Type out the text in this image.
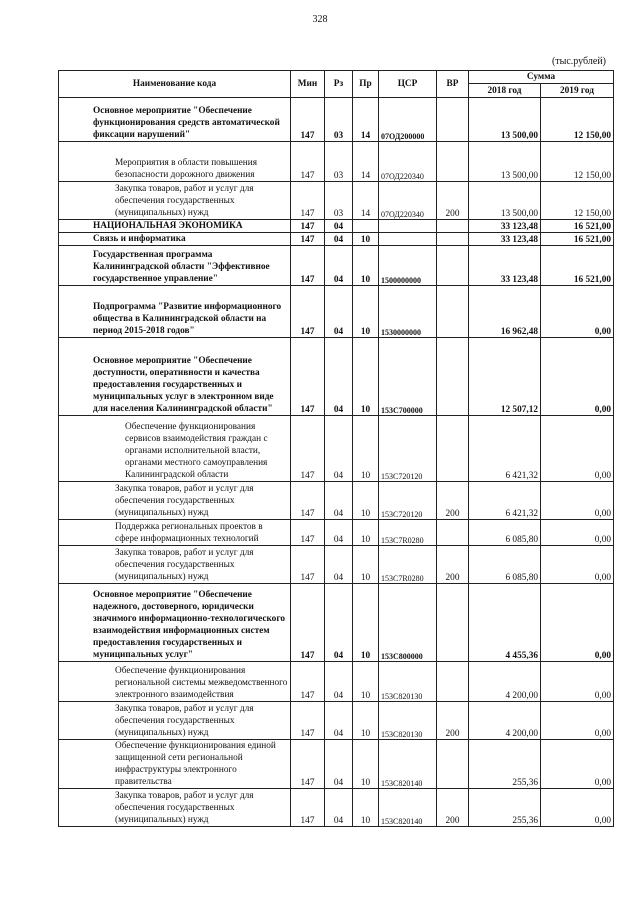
328
(тыс.рублей)
Наименование кода	Мин	Рз	Пр	ЦСР	ВР	Сумма	
						2018 год	2019 год
Основное мероприятие "Обеспечение функционирования средств автоматической фиксации нарушений"	147	03	14	07ОД200000		13 500,00	12 150,00
Мероприятия в области повышения безопасности дорожного движения	147	03	14	07ОД220340		13 500,00	12 150,00
Закупка товаров, работ и услуг для обеспечения государственных (муниципальных) нужд	147	03	14	07ОД220340	200	13 500,00	12 150,00
НАЦИОНАЛЬНАЯ ЭКОНОМИКА	147	04				33 123,48	16 521,00
Связь и информатика	147	04	10			33 123,48	16 521,00
Государственная программа Калининградской области "Эффективное государственное управление"	147	04	10	1500000000		33 123,48	16 521,00
Подпрограмма "Развитие информационного общества в Калининградской области на период 2015-2018 годов"	147	04	10	1530000000		16 962,48	0,00
Основное мероприятие "Обеспечение доступности, оперативности и качества предоставления государственных и муниципальных услуг в электронном виде для населения Калининградской области"	147	04	10	153С700000		12 507,12	0,00
Обеспечение функционирования сервисов взаимодействия граждан с органами исполнительной власти, органами местного самоуправления Калининградской области	147	04	10	153С720120		6 421,32	0,00
Закупка товаров, работ и услуг для обеспечения государственных (муниципальных) нужд	147	04	10	153С720120	200	6 421,32	0,00
Поддержка региональных проектов в сфере информационных технологий	147	04	10	153С7R0280		6 085,80	0,00
Закупка товаров, работ и услуг для обеспечения государственных (муниципальных) нужд	147	04	10	153С7R0280	200	6 085,80	0,00
Основное мероприятие "Обеспечение надежного, достоверного, юридически значимого информационно-технологического взаимодействия информационных систем предоставления государственных и муниципальных услуг"	147	04	10	153С800000		4 455,36	0,00
Обеспечение функционирования региональной системы межведомственного электронного взаимодействия	147	04	10	153С820130		4 200,00	0,00
Закупка товаров, работ и услуг для обеспечения государственных (муниципальных) нужд	147	04	10	153С820130	200	4 200,00	0,00
Обеспечение функционирования единой защищенной сети региональной инфраструктуры электронного правительства	147	04	10	153С820140		255,36	0,00
Закупка товаров, работ и услуг для обеспечения государственных (муниципальных) нужд	147	04	10	153С820140	200	255,36	0,00
